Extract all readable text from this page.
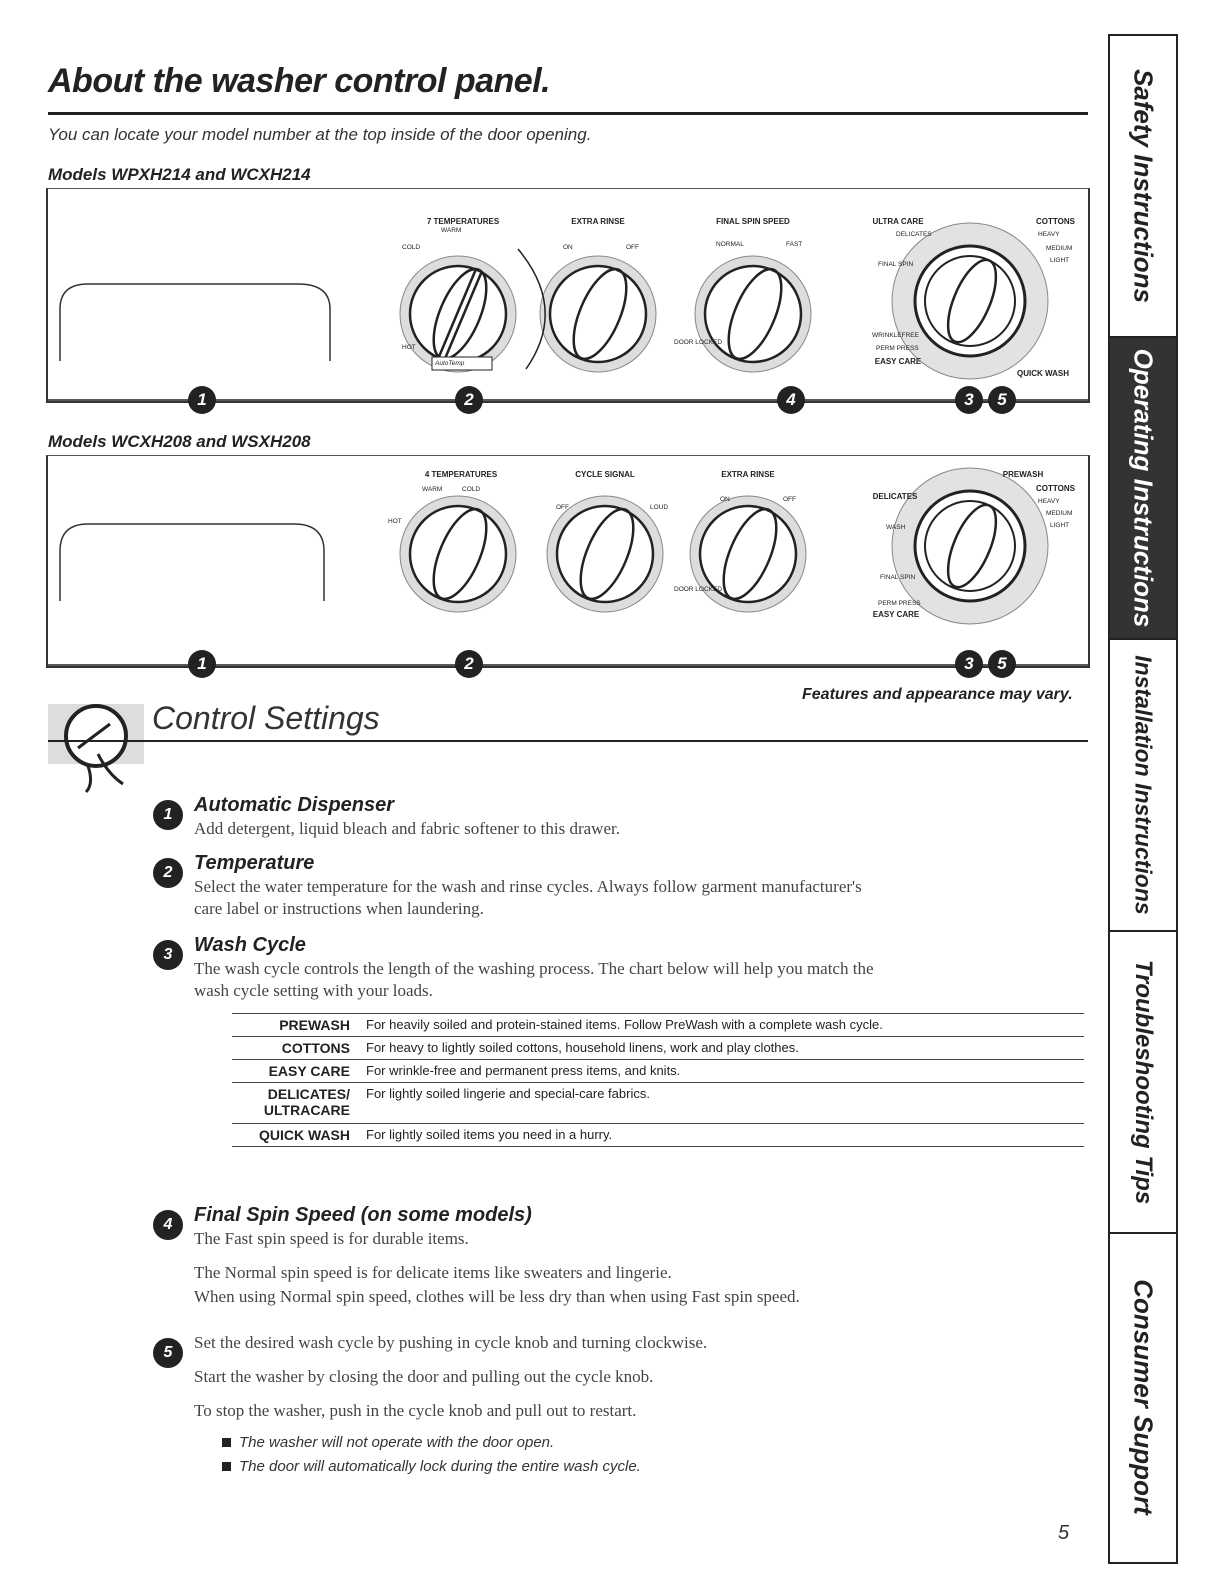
About the washer control panel.
You can locate your model number at the top inside of the door opening.
Models WPXH214 and WCXH214
7 TEMPERATURES	EXTRA RINSE	FINAL SPIN SPEED	ULTRA CARE	COTTONS
HEAVY
MEDIUM
LIGHT
DELICATES
FINAL SPIN
WRINKLEFREE
PERM PRESS
EASY CARE
QUICK WASH
ON	OFF	NORMAL	FAST
COLD
WARM
HOT
AutoTemp
DOOR LOCKED
1	2	4	3	5
Models WCXH208 and WSXH208
4 TEMPERATURES	CYCLE SIGNAL	EXTRA RINSE	PREWASH
COTTONS
HEAVY
MEDIUM
LIGHT
DELICATES
WASH
FINAL SPIN
PERM PRESS
EASY CARE
OFF	LOUD
ON	OFF
WARM	COLD
HOT
DOOR LOCKED
1	2	3	5
Features and appearance may vary.
Control Settings
1	Automatic Dispenser
Add detergent, liquid bleach and fabric softener to this drawer.
2	Temperature
Select the water temperature for the wash and rinse cycles. Always follow garment manufacturer's
care label or instructions when laundering.
3	Wash Cycle
The wash cycle controls the length of the washing process. The chart below will help you match the
wash cycle setting with your loads.
PREWASH	For heavily soiled and protein-stained items. Follow PreWash with a complete wash cycle.
COTTONS	For heavy to lightly soiled cottons, household linens, work and play clothes.
EASY CARE	For wrinkle-free and permanent press items, and knits.
DELICATES/ ULTRACARE	For lightly soiled lingerie and special-care fabrics.
QUICK WASH	For lightly soiled items you need in a hurry.
4	Final Spin Speed (on some models)
The Fast spin speed is for durable items.
The Normal spin speed is for delicate items like sweaters and lingerie.
When using Normal spin speed, clothes will be less dry than when using Fast spin speed.
5
Set the desired wash cycle by pushing in cycle knob and turning clockwise.
Start the washer by closing the door and pulling out the cycle knob.
To stop the washer, push in the cycle knob and pull out to restart.
The washer will not operate with the door open.
The door will automatically lock during the entire wash cycle.
5
Safety Instructions
Operating Instructions
Installation Instructions
Troubleshooting Tips
Consumer Support
